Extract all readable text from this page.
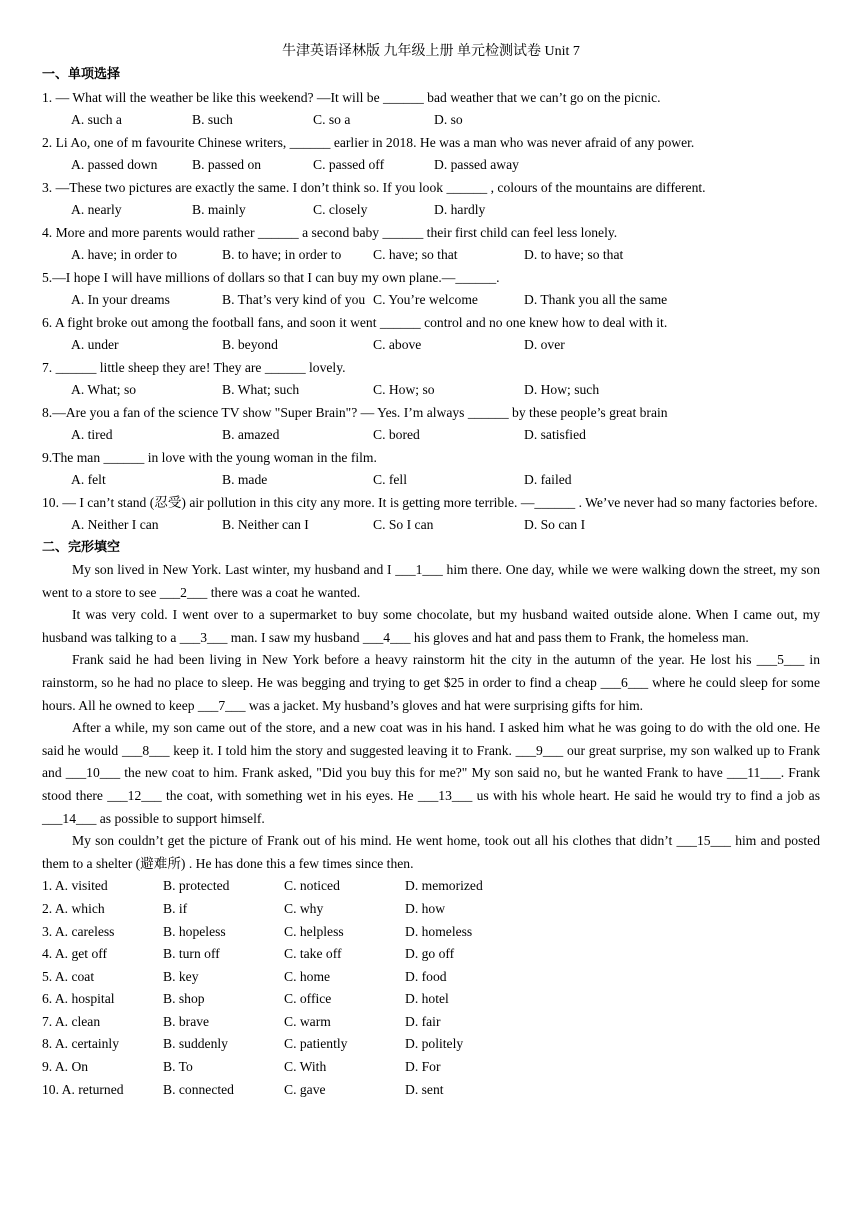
牛津英语译林版 九年级上册 单元检测试卷 Unit 7
一、单项选择
1. — What will the weather be like this weekend? —It will be ______ bad weather that we can’t go on the picnic.
A. such a	B. such	C. so a	D. so
2. Li Ao, one of m favourite Chinese writers, ______ earlier in 2018. He was a man who was never afraid of any power.
A. passed down	B. passed on	C. passed off	D. passed away
3. —These two pictures are exactly the same. I don’t think so. If you look ______ , colours of the mountains are different.
A. nearly	B. mainly	C. closely	D. hardly
4. More and more parents would rather ______ a second baby ______ their first child can feel less lonely.
A. have; in order to	B. to have; in order to	C. have; so that	D. to have; so that
5.—I hope I will have millions of dollars so that I can buy my own plane.—______.
A. In your dreams	B. That’s very kind of you C. You’re welcome	D. Thank you all the same
6. A fight broke out among the football fans, and soon it went ______ control and no one knew how to deal with it.
A. under	B. beyond	C. above	D. over
7. ______ little sheep they are! They are ______ lovely.
A. What; so	B. What; such	C. How; so	D. How; such
8.—Are you a fan of the science TV show "Super Brain"? — Yes. I’m always ______ by these people’s great brain
A. tired	B. amazed	C. bored	D. satisfied
9.The man ______ in love with the young woman in the film.
A. felt	B. made	C. fell	D. failed
10. — I can’t stand (忍受) air pollution in this city any more. It is getting more terrible. —______ . We’ve never had so many factories before.
A. Neither I can	B. Neither can I	C. So I can	D. So can I
二、完形填空
My son lived in New York. Last winter, my husband and I ___1___ him there. One day, while we were walking down the street, my son went to a store to see ___2___ there was a coat he wanted.
It was very cold. I went over to a supermarket to buy some chocolate, but my husband waited outside alone. When I came out, my husband was talking to a ___3___ man. I saw my husband ___4___ his gloves and hat and pass them to Frank, the homeless man.
Frank said he had been living in New York before a heavy rainstorm hit the city in the autumn of the year. He lost his ___5___ in rainstorm, so he had no place to sleep. He was begging and trying to get $25 in order to find a cheap ___6___ where he could sleep for some hours. All he owned to keep ___7___ was a jacket. My husband’s gloves and hat were surprising gifts for him.
After a while, my son came out of the store, and a new coat was in his hand. I asked him what he was going to do with the old one. He said he would ___8___ keep it. I told him the story and suggested leaving it to Frank. ___9___ our great surprise, my son walked up to Frank and ___10___ the new coat to him. Frank asked, "Did you buy this for me?" My son said no, but he wanted Frank to have ___11___. Frank stood there ___12___ the coat, with something wet in his eyes. He ___13___ us with his whole heart. He said he would try to find a job as ___14___ as possible to support himself.
My son couldn’t get the picture of Frank out of his mind. He went home, took out all his clothes that didn’t ___15___ him and posted them to a shelter (避难所) . He has done this a few times since then.
1. A. visited	B. protected	C. noticed	D. memorized
2. A. which	B. if	C. why	D. how
3. A. careless	B. hopeless	C. helpless	D. homeless
4. A. get off	B. turn off	C. take off	D. go off
5. A. coat	B. key	C. home	D. food
6. A. hospital	B. shop	C. office	D. hotel
7. A. clean	B. brave	C. warm	D. fair
8. A. certainly	B. suddenly	C. patiently	D. politely
9. A. On	B. To	C. With	D. For
10. A. returned	B. connected	C. gave	D. sent
